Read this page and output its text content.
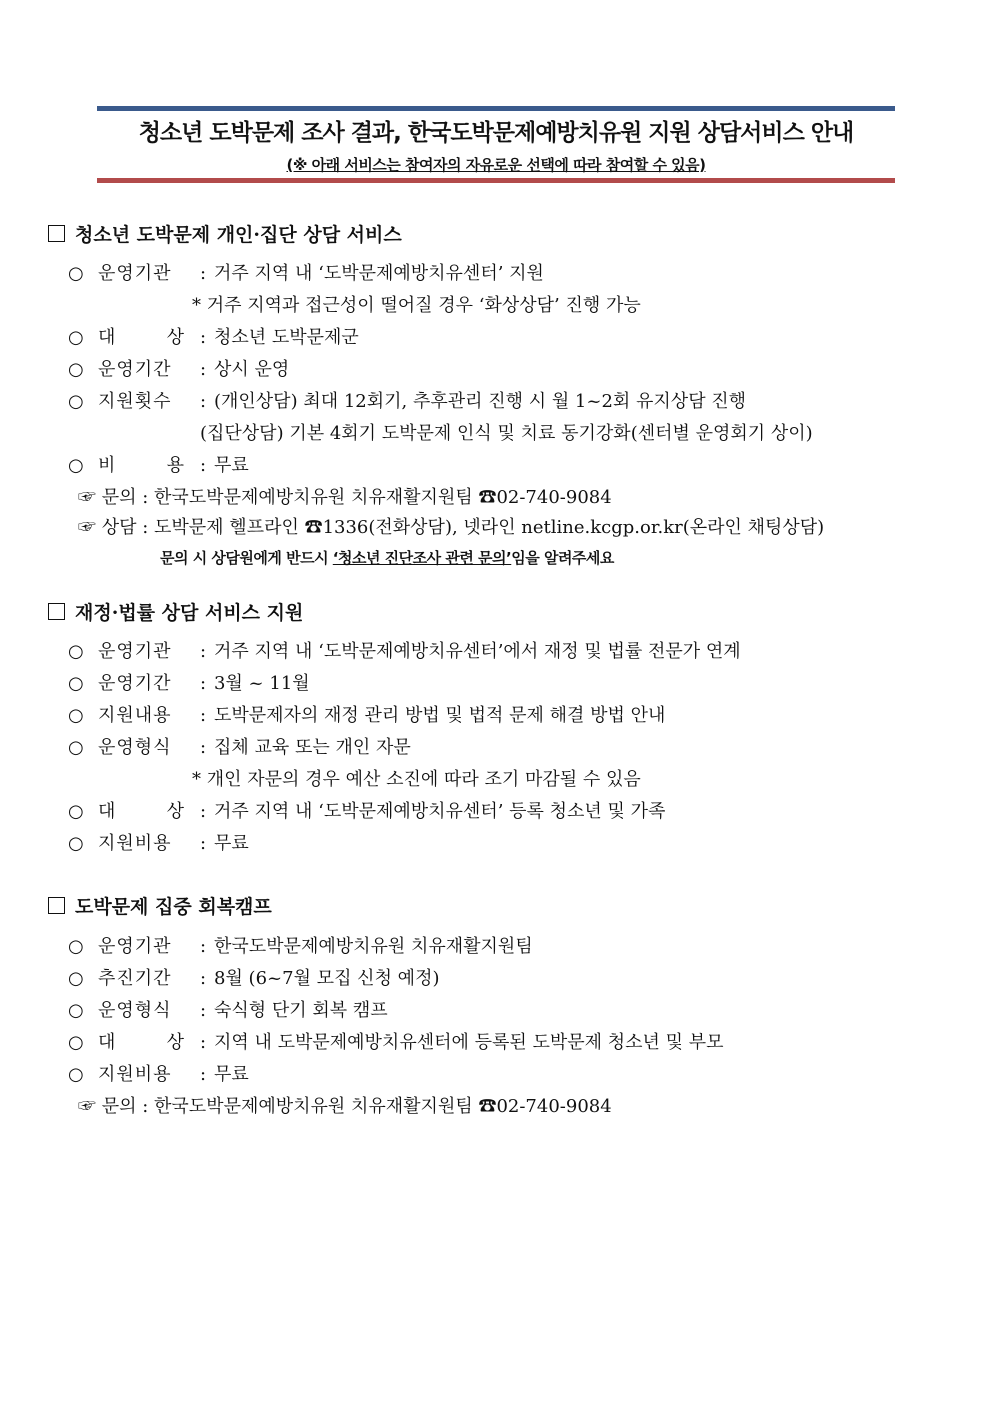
청소년 도박문제 조사 결과, 한국도박문제예방치유원 지원 상담서비스 안내
(※ 아래 서비스는 참여자의 자유로운 선택에 따라 참여할 수 있음)
청소년 도박문제 개인·집단 상담 서비스
○ 운영기관 : 거주 지역 내 ‘도박문제예방치유센터’ 지원
* 거주 지역과 접근성이 떨어질 경우 ‘화상상담’ 진행 가능
○ 대	상 : 청소년 도박문제군
○ 운영기간 : 상시 운영
○ 지원횟수 : (개인상담) 최대 12회기, 추후관리 진행 시 월 1~2회 유지상담 진행
(집단상담) 기본 4회기 도박문제 인식 및 치료 동기강화(센터별 운영회기 상이)
○ 비	용 : 무료
☞ 문의 : 한국도박문제예방치유원 치유재활지원팀 ☎02-740-9084
☞ 상담 : 도박문제 헬프라인 ☎1336(전화상담), 넷라인 netline.kcgp.or.kr(온라인 채팅상담)
문의 시 상담원에게 반드시 ‘청소년 진단조사 관련 문의’임을 알려주세요
재정·법률 상담 서비스 지원
○ 운영기관 : 거주 지역 내 ‘도박문제예방치유센터’에서 재정 및 법률 전문가 연계
○ 운영기간 : 3월 ~ 11월
○ 지원내용 : 도박문제자의 재정 관리 방법 및 법적 문제 해결 방법 안내
○ 운영형식 : 집체 교육 또는 개인 자문
* 개인 자문의 경우 예산 소진에 따라 조기 마감될 수 있음
○ 대	상 : 거주 지역 내 ‘도박문제예방치유센터’ 등록 청소년 및 가족
○ 지원비용 : 무료
도박문제 집중 회복캠프
○ 운영기관 : 한국도박문제예방치유원 치유재활지원팀
○ 추진기간 : 8월 (6~7월 모집 신청 예정)
○ 운영형식 : 숙식형 단기 회복 캠프
○ 대	상 : 지역 내 도박문제예방치유센터에 등록된 도박문제 청소년 및 부모
○ 지원비용 : 무료
☞ 문의 : 한국도박문제예방치유원 치유재활지원팀 ☎02-740-9084
